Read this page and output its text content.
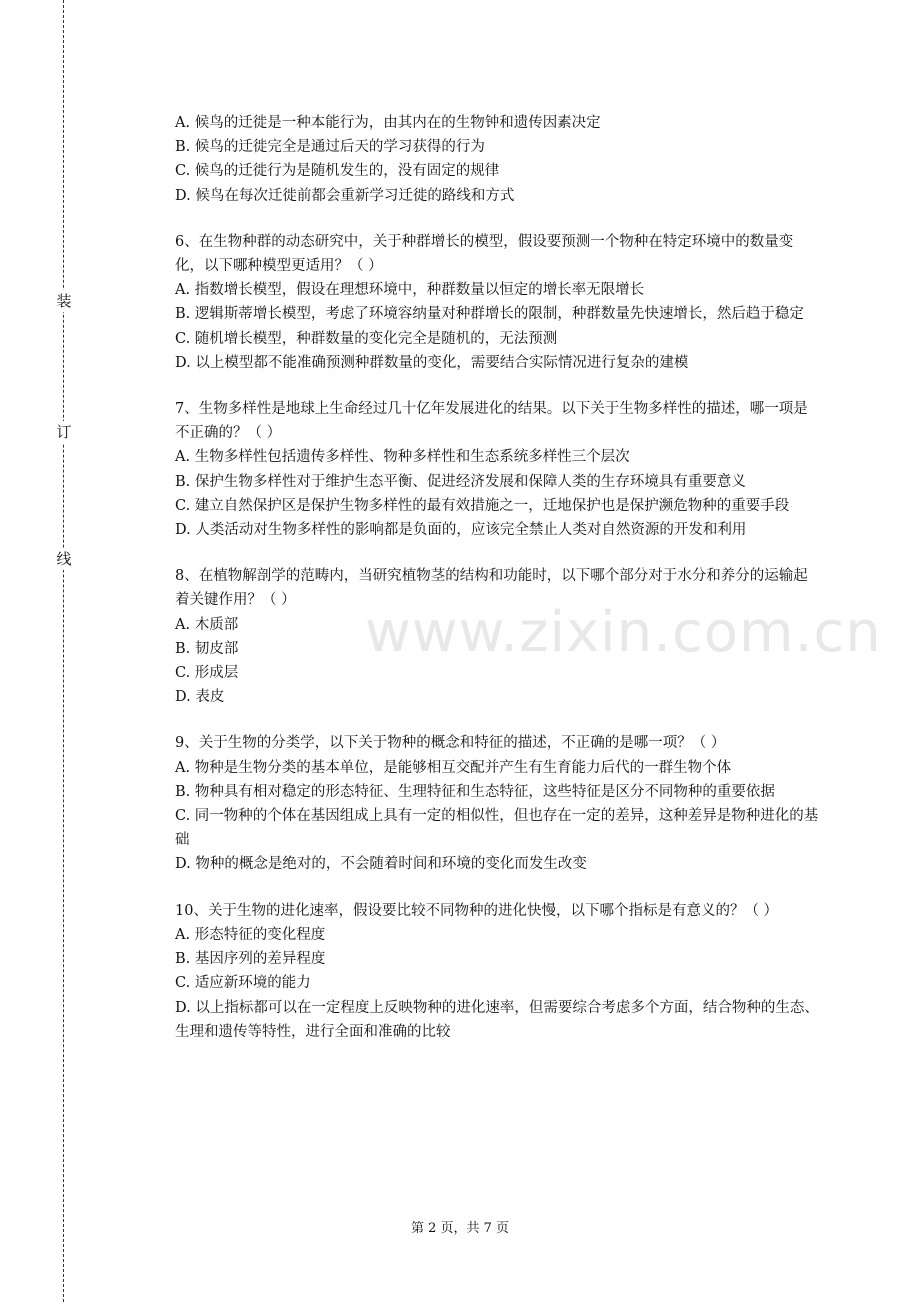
装
订
线
www.zixin.com.cn

A. 候鸟的迁徙是一种本能行为，由其内在的生物钟和遗传因素决定

B. 候鸟的迁徙完全是通过后天的学习获得的行为

C. 候鸟的迁徙行为是随机发生的，没有固定的规律

D. 候鸟在每次迁徙前都会重新学习迁徙的路线和方式

6、在生物种群的动态研究中，关于种群增长的模型，假设要预测一个物种在特定环境中的数量变化，以下哪种模型更适用？（ ）

A. 指数增长模型，假设在理想环境中，种群数量以恒定的增长率无限增长

B. 逻辑斯蒂增长模型，考虑了环境容纳量对种群增长的限制，种群数量先快速增长，然后趋于稳定

C. 随机增长模型，种群数量的变化完全是随机的，无法预测

D. 以上模型都不能准确预测种群数量的变化，需要结合实际情况进行复杂的建模

7、生物多样性是地球上生命经过几十亿年发展进化的结果。以下关于生物多样性的描述，哪一项是不正确的？（ ）

A. 生物多样性包括遗传多样性、物种多样性和生态系统多样性三个层次

B. 保护生物多样性对于维护生态平衡、促进经济发展和保障人类的生存环境具有重要意义

C. 建立自然保护区是保护生物多样性的最有效措施之一，迁地保护也是保护濒危物种的重要手段

D. 人类活动对生物多样性的影响都是负面的，应该完全禁止人类对自然资源的开发和利用

8、在植物解剖学的范畴内，当研究植物茎的结构和功能时，以下哪个部分对于水分和养分的运输起着关键作用？（ ）

A. 木质部

B. 韧皮部

C. 形成层

D. 表皮

9、关于生物的分类学，以下关于物种的概念和特征的描述，不正确的是哪一项？（ ）

A. 物种是生物分类的基本单位，是能够相互交配并产生有生育能力后代的一群生物个体

B. 物种具有相对稳定的形态特征、生理特征和生态特征，这些特征是区分不同物种的重要依据

C. 同一物种的个体在基因组成上具有一定的相似性，但也存在一定的差异，这种差异是物种进化的基础

D. 物种的概念是绝对的，不会随着时间和环境的变化而发生改变

10、关于生物的进化速率，假设要比较不同物种的进化快慢，以下哪个指标是有意义的？（ ）

A. 形态特征的变化程度

B. 基因序列的差异程度

C. 适应新环境的能力

D. 以上指标都可以在一定程度上反映物种的进化速率，但需要综合考虑多个方面，结合物种的生态、生理和遗传等特性，进行全面和准确的比较

第 2 页，共 7 页
